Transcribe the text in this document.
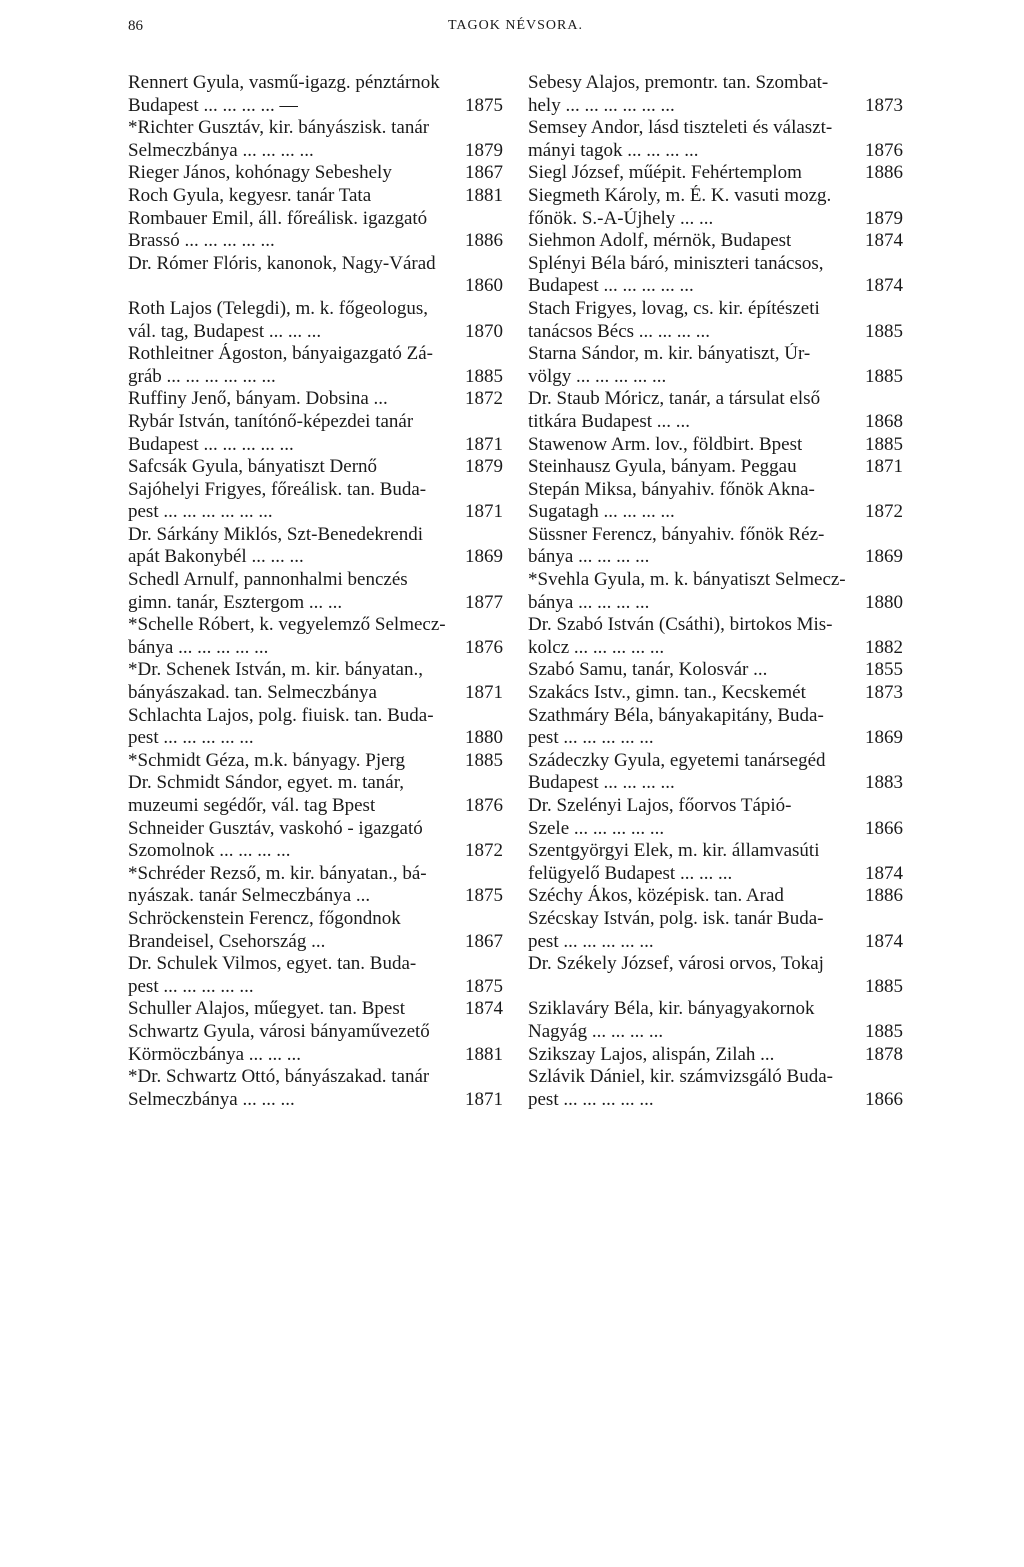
86	TAGOK NÉVSORA.
Rennert Gyula, vasmű-igazg. pénztárnok
Budapest ... ... ... ... —	1875
*Richter Gusztáv, kir. bányászisk. tanár
Selmeczbánya ... ... ... ...	1879
Rieger János, kohónagy Sebeshely	1867
Roch Gyula, kegyesr. tanár Tata	1881
Rombauer Emil, áll. főreálisk. igazgató
Brassó ... ... ... ... ...	1886
Dr. Rómer Flóris, kanonok, Nagy-Várad
1860
Roth Lajos (Telegdi), m. k. főgeologus,
vál. tag, Budapest ... ... ...	1870
Rothleitner Ágoston, bányaigazgató Zá-
gráb ... ... ... ... ... ...	1885
Ruffiny Jenő, bányam. Dobsina ...	1872
Rybár István, tanítónő-képezdei tanár
Budapest ... ... ... ... ...	1871
Safcsák Gyula, bányatiszt Dernő	1879
Sajóhelyi Frigyes, főreálisk. tan. Buda-
pest ... ... ... ... ... ...	1871
Dr. Sárkány Miklós, Szt-Benedekrendi
apát Bakonybél ... ... ...	1869
Schedl Arnulf, pannonhalmi benczés
gimn. tanár, Esztergom ... ...	1877
*Schelle Róbert, k. vegyelemző Selmecz-
bánya ... ... ... ... ...	1876
*Dr. Schenek István, m. kir. bányatan.,
bányászakad. tan. Selmeczbánya	1871
Schlachta Lajos, polg. fiuisk. tan. Buda-
pest ... ... ... ... ...	1880
*Schmidt Géza, m.k. bányagy. Pjerg	1885
Dr. Schmidt Sándor, egyet. m. tanár,
muzeumi segédőr, vál. tag Bpest	1876
Schneider Gusztáv, vaskohó - igazgató
Szomolnok ... ... ... ...	1872
*Schréder Rezső, m. kir. bányatan., bá-
nyászak. tanár Selmeczbánya ...	1875
Schröckenstein Ferencz, főgondnok
Brandeisel, Csehország ...	1867
Dr. Schulek Vilmos, egyet. tan. Buda-
pest ... ... ... ... ...	1875
Schuller Alajos, műegyet. tan. Bpest	1874
Schwartz Gyula, városi bányaművezető
Körmöczbánya ... ... ...	1881
*Dr. Schwartz Ottó, bányászakad. tanár
Selmeczbánya ... ... ...	1871
Sebesy Alajos, premontr. tan. Szombat-
hely ... ... ... ... ... ...	1873
Semsey Andor, lásd tiszteleti és választ-
mányi tagok ... ... ... ...	1876
Siegl József, műépit. Fehértemplom	1886
Siegmeth Károly, m. É. K. vasuti mozg.
főnök. S.-A-Újhely ... ...	1879
Siehmon Adolf, mérnök, Budapest	1874
Splényi Béla báró, miniszteri tanácsos,
Budapest ... ... ... ... ...	1874
Stach Frigyes, lovag, cs. kir. építészeti
tanácsos Bécs ... ... ... ...	1885
Starna Sándor, m. kir. bányatiszt, Úr-
völgy ... ... ... ... ...	1885
Dr. Staub Móricz, tanár, a társulat első
titkára Budapest ... ...	1868
Stawenow Arm. lov., földbirt. Bpest	1885
Steinhausz Gyula, bányam. Peggau	1871
Stepán Miksa, bányahiv. főnök Akna-
Sugatagh ... ... ... ...	1872
Süssner Ferencz, bányahiv. főnök Réz-
bánya ... ... ... ...	1869
*Svehla Gyula, m. k. bányatiszt Selmecz-
bánya ... ... ... ...	1880
Dr. Szabó István (Csáthi), birtokos Mis-
kolcz ... ... ... ... ...	1882
Szabó Samu, tanár, Kolosvár ...	1855
Szakács Istv., gimn. tan., Kecskemét	1873
Szathmáry Béla, bányakapitány, Buda-
pest ... ... ... ... ...	1869
Szádeczky Gyula, egyetemi tanársegéd
Budapest ... ... ... ...	1883
Dr. Szelényi Lajos, főorvos Tápió-
Szele ... ... ... ... ...	1866
Szentgyörgyi Elek, m. kir. államvasúti
felügyelő Budapest ... ... ...	1874
Széchy Ákos, középisk. tan. Arad	1886
Szécskay István, polg. isk. tanár Buda-
pest ... ... ... ... ...	1874
Dr. Székely József, városi orvos, Tokaj
1885
Sziklaváry Béla, kir. bányagyakornok
Nagyág ... ... ... ...	1885
Szikszay Lajos, alispán, Zilah ...	1878
Szlávik Dániel, kir. számvizsgáló Buda-
pest ... ... ... ... ...	1866
